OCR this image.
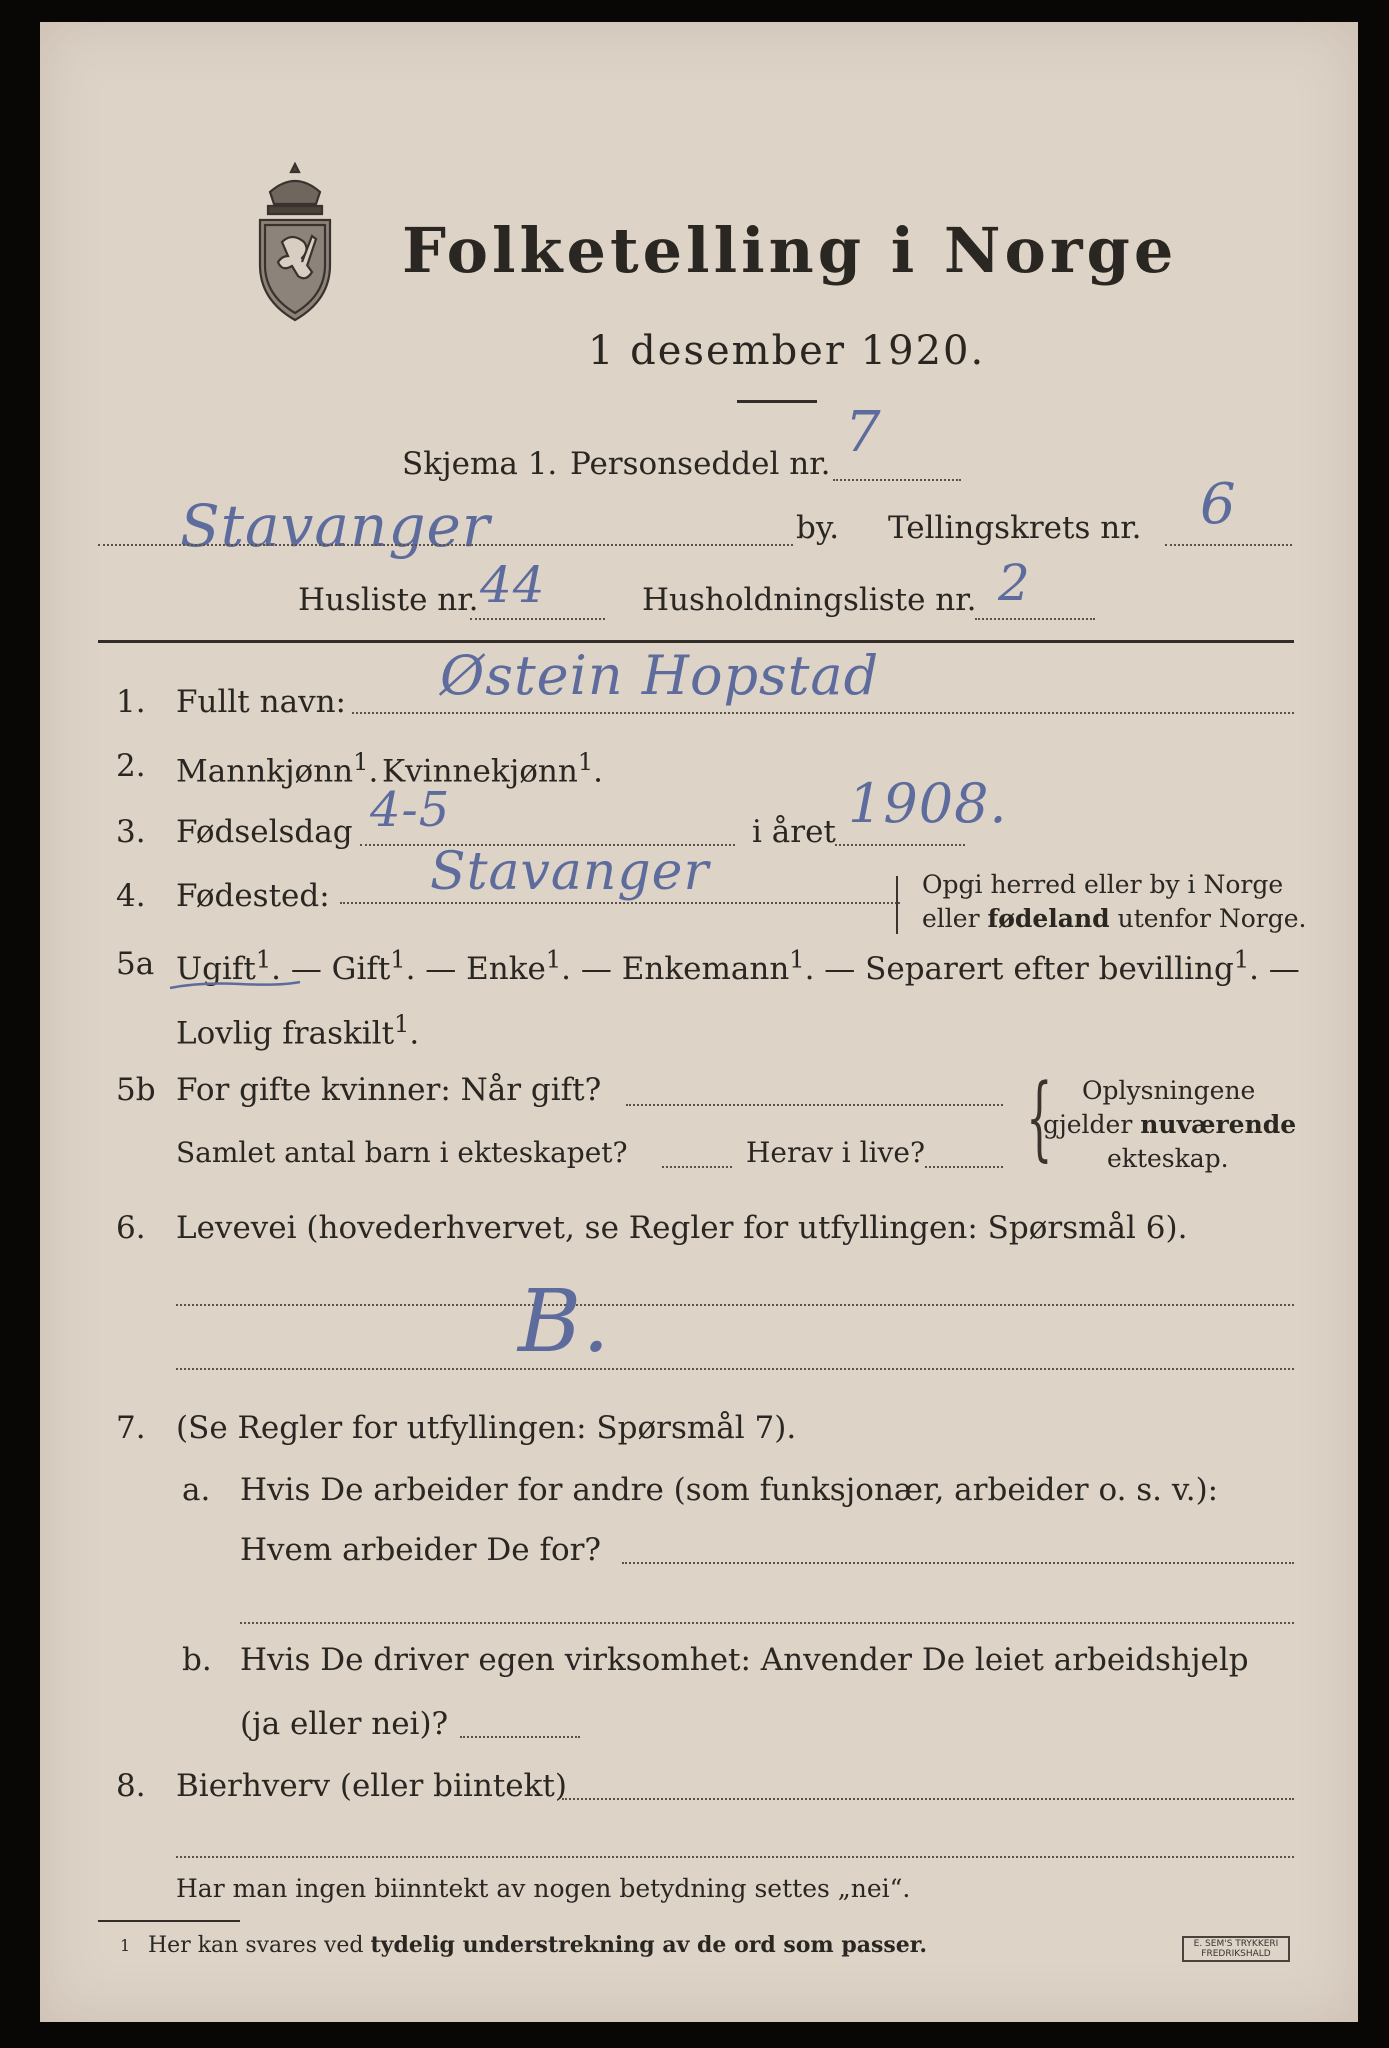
Folketelling i Norge
1 desember 1920.
Skjema 1. Personseddel nr. 7
Stavanger	by. Tellingskrets nr. 6
Husliste nr. 44	Husholdningsliste nr. 2
1. Fullt navn: Østein Hopstad
2. Mannkjønn$^1$. Kvinnekjønn$^1$.
3. Fødselsdag 4-5	i året 1908.
4. Fødested: Stavanger	Opgi herred eller by i Norge
eller fødeland utenfor Norge.
5a Ugift$^1$. — Gift$^1$. — Enke$^1$. — Enkemann$^1$. — Separert efter bevilling$^1$. —
Lovlig fraskilt$^1$.
5b For gifte kvinner: Når gift?
Samlet antal barn i ekteskapet?	Herav i live? { Oplysningene
gjelder nuværende
ekteskap.
6. Levevei (hovederhvervet, se Regler for utfyllingen: Spørsmål 6).
B.
7. (Se Regler for utfyllingen: Spørsmål 7).
a. Hvis De arbeider for andre (som funksjonær, arbeider o. s. v.):
Hvem arbeider De for?
b. Hvis De driver egen virksomhet: Anvender De leiet arbeidshjelp
(ja eller nei)?
8. Bierhverv (eller biintekt)
Har man ingen biinntekt av nogen betydning settes „nei“.
1 Her kan svares ved tydelig understrekning av de ord som passer.	E. SEM'S TRYKKERI
FREDRIKSHALD
